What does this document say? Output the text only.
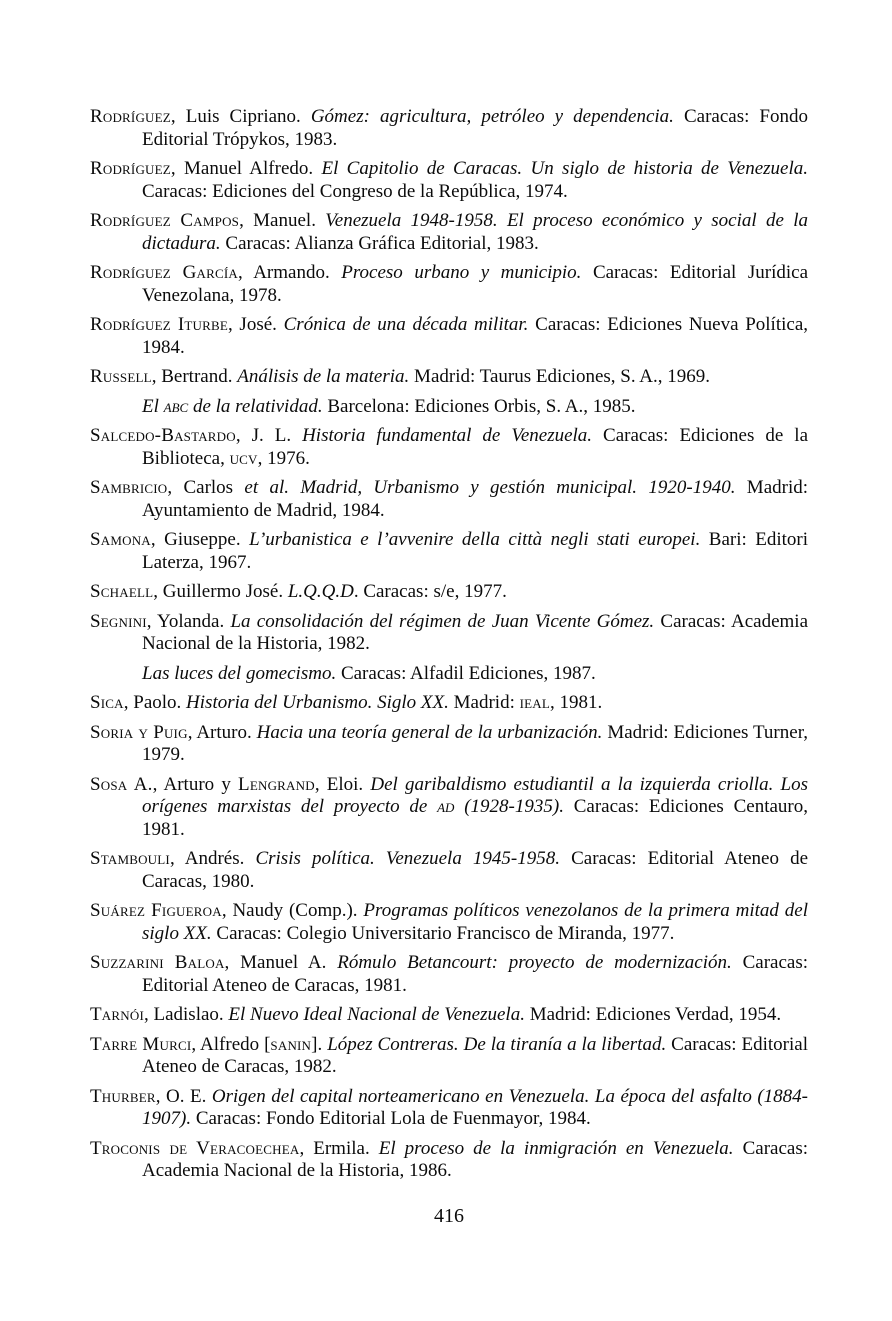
Rodríguez, Luis Cipriano. Gómez: agricultura, petróleo y dependencia. Caracas: Fondo Editorial Trópykos, 1983.

Rodríguez, Manuel Alfredo. El Capitolio de Caracas. Un siglo de historia de Venezuela. Caracas: Ediciones del Congreso de la República, 1974.

Rodríguez Campos, Manuel. Venezuela 1948-1958. El proceso económico y social de la dictadura. Caracas: Alianza Gráfica Editorial, 1983.

Rodríguez García, Armando. Proceso urbano y municipio. Caracas: Editorial Jurídica Venezolana, 1978.

Rodríguez Iturbe, José. Crónica de una década militar. Caracas: Ediciones Nueva Política, 1984.

Russell, Bertrand. Análisis de la materia. Madrid: Taurus Ediciones, S. A., 1969.

El abc de la relatividad. Barcelona: Ediciones Orbis, S. A., 1985.

Salcedo-Bastardo, J. L. Historia fundamental de Venezuela. Caracas: Ediciones de la Biblioteca, ucv, 1976.

Sambricio, Carlos et al. Madrid, Urbanismo y gestión municipal. 1920-1940. Madrid: Ayuntamiento de Madrid, 1984.

Samona, Giuseppe. L’urbanistica e l’avvenire della città negli stati europei. Bari: Editori Laterza, 1967.

Schaell, Guillermo José. L.Q.Q.D. Caracas: s/e, 1977.

Segnini, Yolanda. La consolidación del régimen de Juan Vicente Gómez. Caracas: Academia Nacional de la Historia, 1982.

Las luces del gomecismo. Caracas: Alfadil Ediciones, 1987.

Sica, Paolo. Historia del Urbanismo. Siglo XX. Madrid: ieal, 1981.

Soria y Puig, Arturo. Hacia una teoría general de la urbanización. Madrid: Ediciones Turner, 1979.

Sosa A., Arturo y Lengrand, Eloi. Del garibaldismo estudiantil a la izquierda criolla. Los orígenes marxistas del proyecto de ad (1928-1935). Caracas: Ediciones Centauro, 1981.

Stambouli, Andrés. Crisis política. Venezuela 1945-1958. Caracas: Editorial Ateneo de Caracas, 1980.

Suárez Figueroa, Naudy (Comp.). Programas políticos venezolanos de la primera mitad del siglo XX. Caracas: Colegio Universitario Francisco de Miranda, 1977.

Suzzarini Baloa, Manuel A. Rómulo Betancourt: proyecto de modernización. Caracas: Editorial Ateneo de Caracas, 1981.

Tarnói, Ladislao. El Nuevo Ideal Nacional de Venezuela. Madrid: Ediciones Verdad, 1954.

Tarre Murci, Alfredo [sanin]. López Contreras. De la tiranía a la libertad. Caracas: Editorial Ateneo de Caracas, 1982.

Thurber, O. E. Origen del capital norteamericano en Venezuela. La época del asfalto (1884-1907). Caracas: Fondo Editorial Lola de Fuenmayor, 1984.

Troconis de Veracoechea, Ermila. El proceso de la inmigración en Venezuela. Caracas: Academia Nacional de la Historia, 1986.

416
